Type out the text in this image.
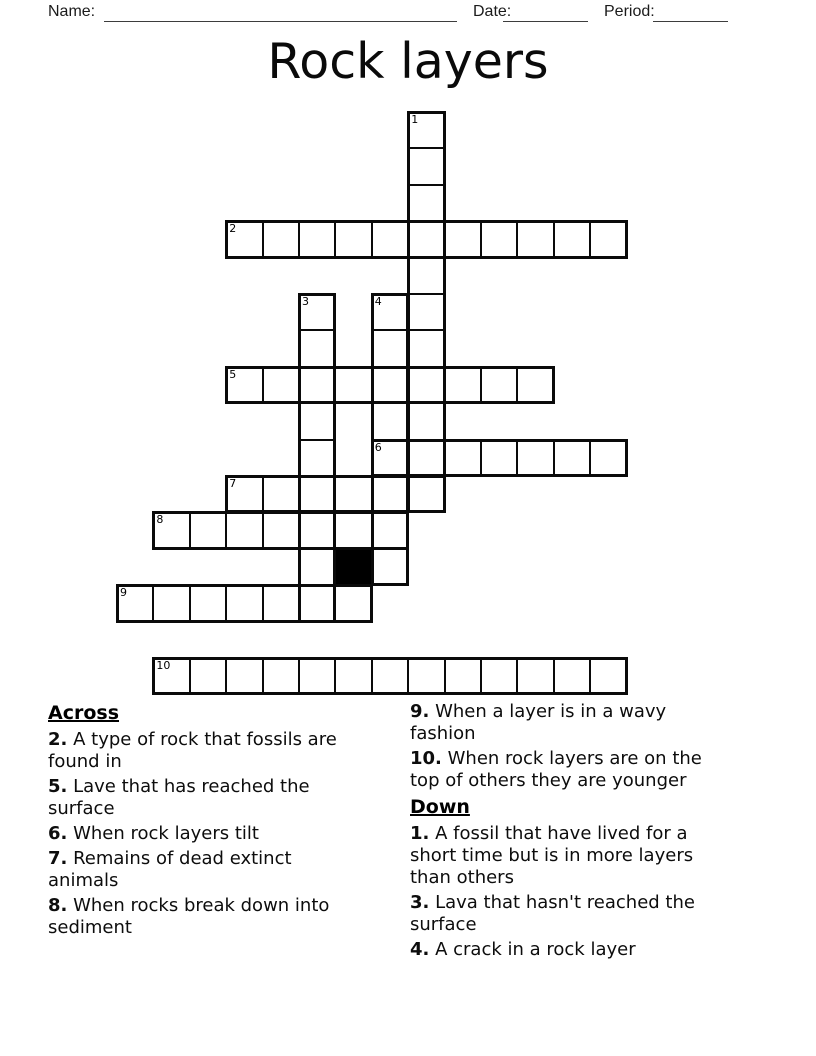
Name:	Date:	Period:
Rock layers
2
5
6
7
8
9
10
1
3	4
Across
2. A type of rock that fossils are found in
5. Lave that has reached the surface
6. When rock layers tilt
7. Remains of dead extinct animals
8. When rocks break down into sediment
9. When a layer is in a wavy fashion
10. When rock layers are on the top of others they are younger
Down
1. A fossil that have lived for a short time but is in more layers than others
3. Lava that hasn't reached the surface
4. A crack in a rock layer
